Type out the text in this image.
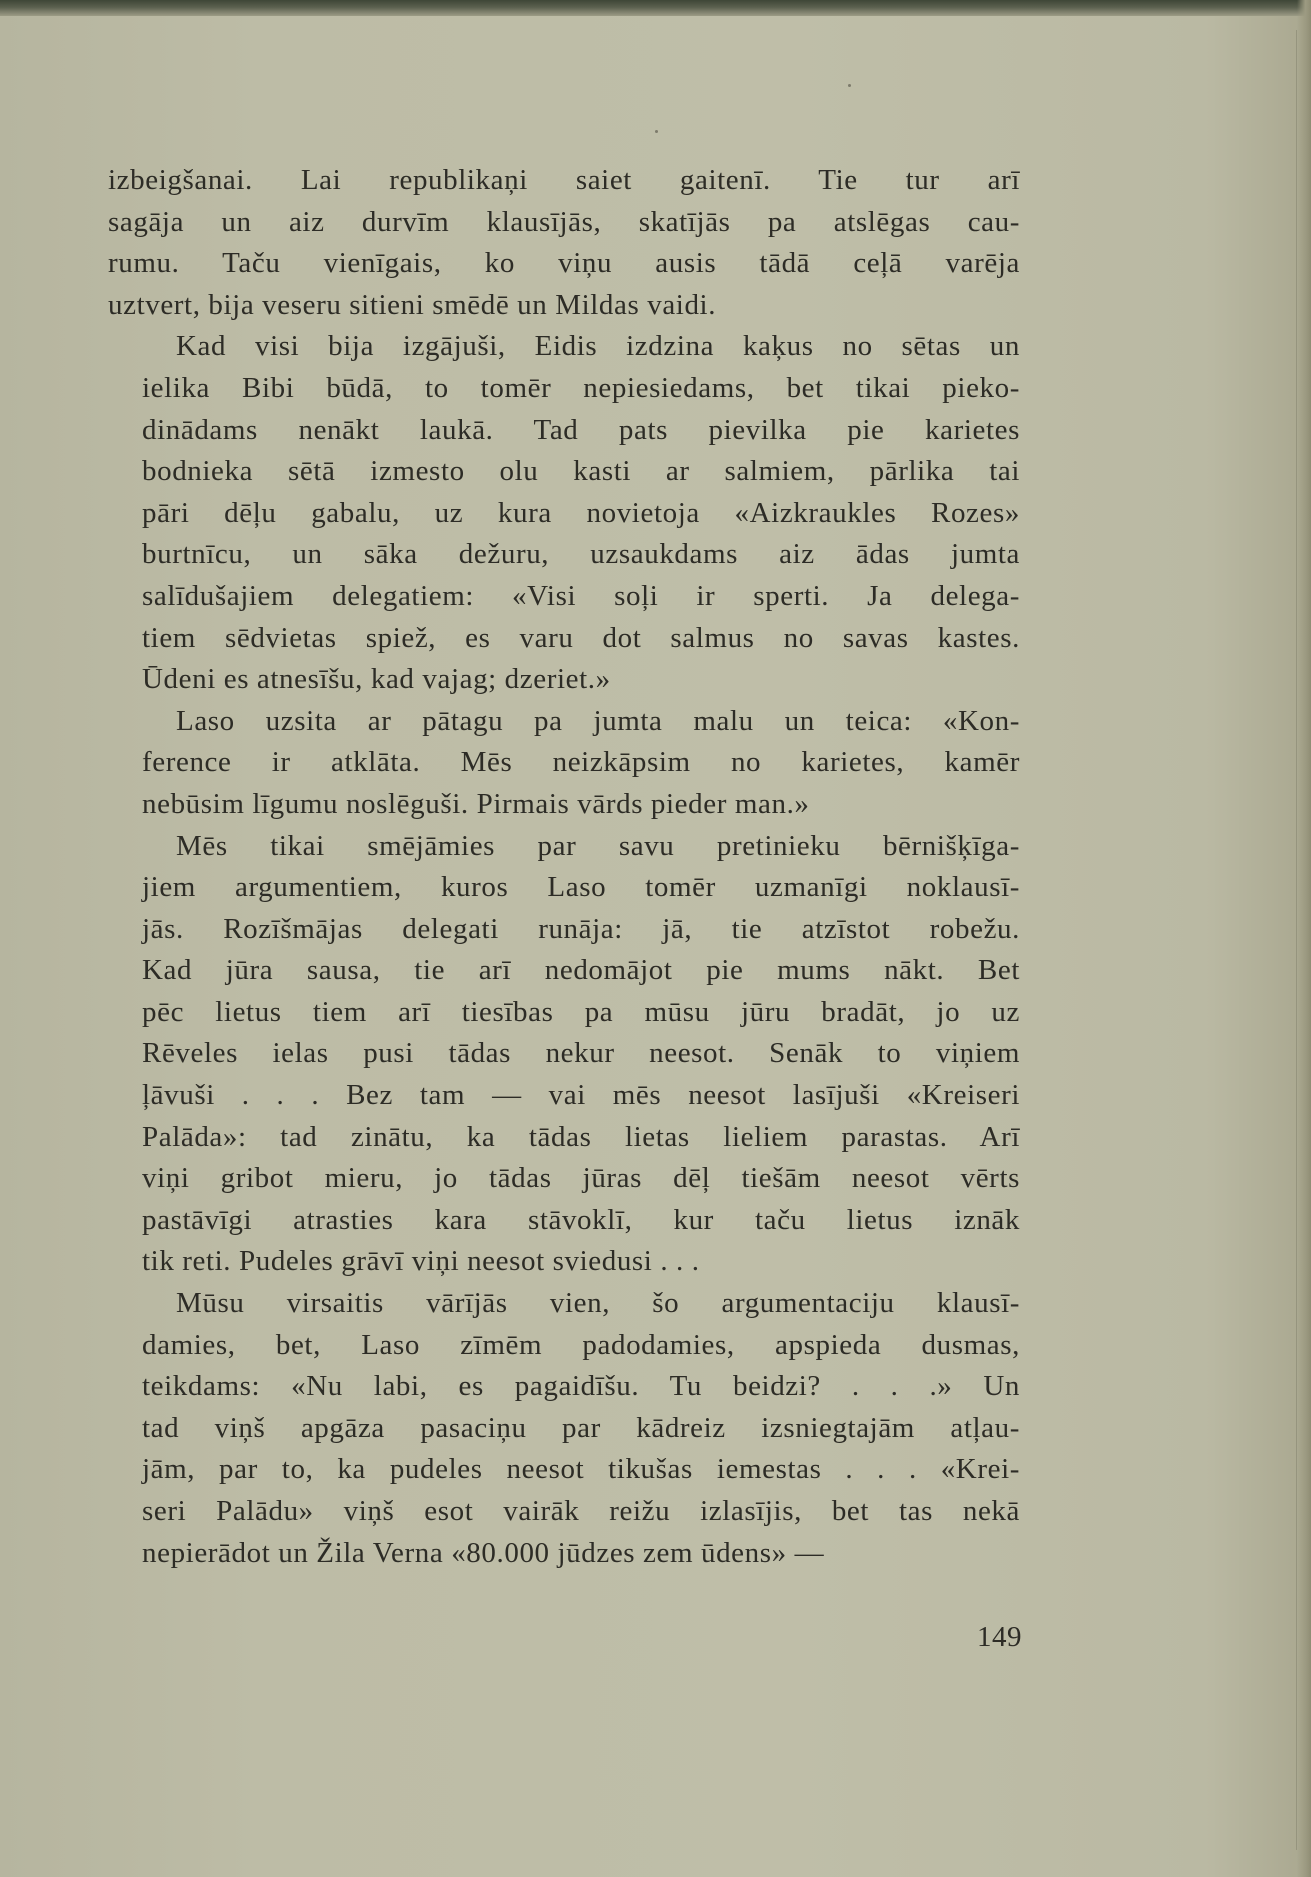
izbeigšanai. Lai republikaņi saiet gaitenī. Tie tur arī
sagāja un aiz durvīm klausījās, skatījās pa atslēgas cau-
rumu. Taču vienīgais, ko viņu ausis tādā ceļā varēja
uztvert, bija veseru sitieni smēdē un Mildas vaidi.
Kad visi bija izgājuši, Eidis izdzina kaķus no sētas un
ielika Bibi būdā, to tomēr nepiesiedams, bet tikai pieko-
dinādams nenākt laukā. Tad pats pievilka pie karietes
bodnieka sētā izmesto olu kasti ar salmiem, pārlika tai
pāri dēļu gabalu, uz kura novietoja «Aizkraukles Rozes»
burtnīcu, un sāka dežuru, uzsaukdams aiz ādas jumta
salīdušajiem delegatiem: «Visi soļi ir sperti. Ja delega-
tiem sēdvietas spiež, es varu dot salmus no savas kastes.
Ūdeni es atnesīšu, kad vajag; dzeriet.»
Laso uzsita ar pātagu pa jumta malu un teica: «Kon-
ference ir atklāta. Mēs neizkāpsim no karietes, kamēr
nebūsim līgumu noslēguši. Pirmais vārds pieder man.»
Mēs tikai smējāmies par savu pretinieku bērnišķīga-
jiem argumentiem, kuros Laso tomēr uzmanīgi noklausī-
jās. Rozīšmājas delegati runāja: jā, tie atzīstot robežu.
Kad jūra sausa, tie arī nedomājot pie mums nākt. Bet
pēc lietus tiem arī tiesības pa mūsu jūru bradāt, jo uz
Rēveles ielas pusi tādas nekur neesot. Senāk to viņiem
ļāvuši . . . Bez tam — vai mēs neesot lasījuši «Kreiseri
Palāda»: tad zinātu, ka tādas lietas lieliem parastas. Arī
viņi gribot mieru, jo tādas jūras dēļ tiešām neesot vērts
pastāvīgi atrasties kara stāvoklī, kur taču lietus iznāk
tik reti. Pudeles grāvī viņi neesot sviedusi . . .
Mūsu virsaitis vārījās vien, šo argumentaciju klausī-
damies, bet, Laso zīmēm padodamies, apspieda dusmas,
teikdams: «Nu labi, es pagaidīšu. Tu beidzi? . . .» Un
tad viņš apgāza pasaciņu par kādreiz izsniegtajām atļau-
jām, par to, ka pudeles neesot tikušas iemestas . . . «Krei-
seri Palādu» viņš esot vairāk reižu izlasījis, bet tas nekā
nepierādot un Žila Verna «80.000 jūdzes zem ūdens» —
149
